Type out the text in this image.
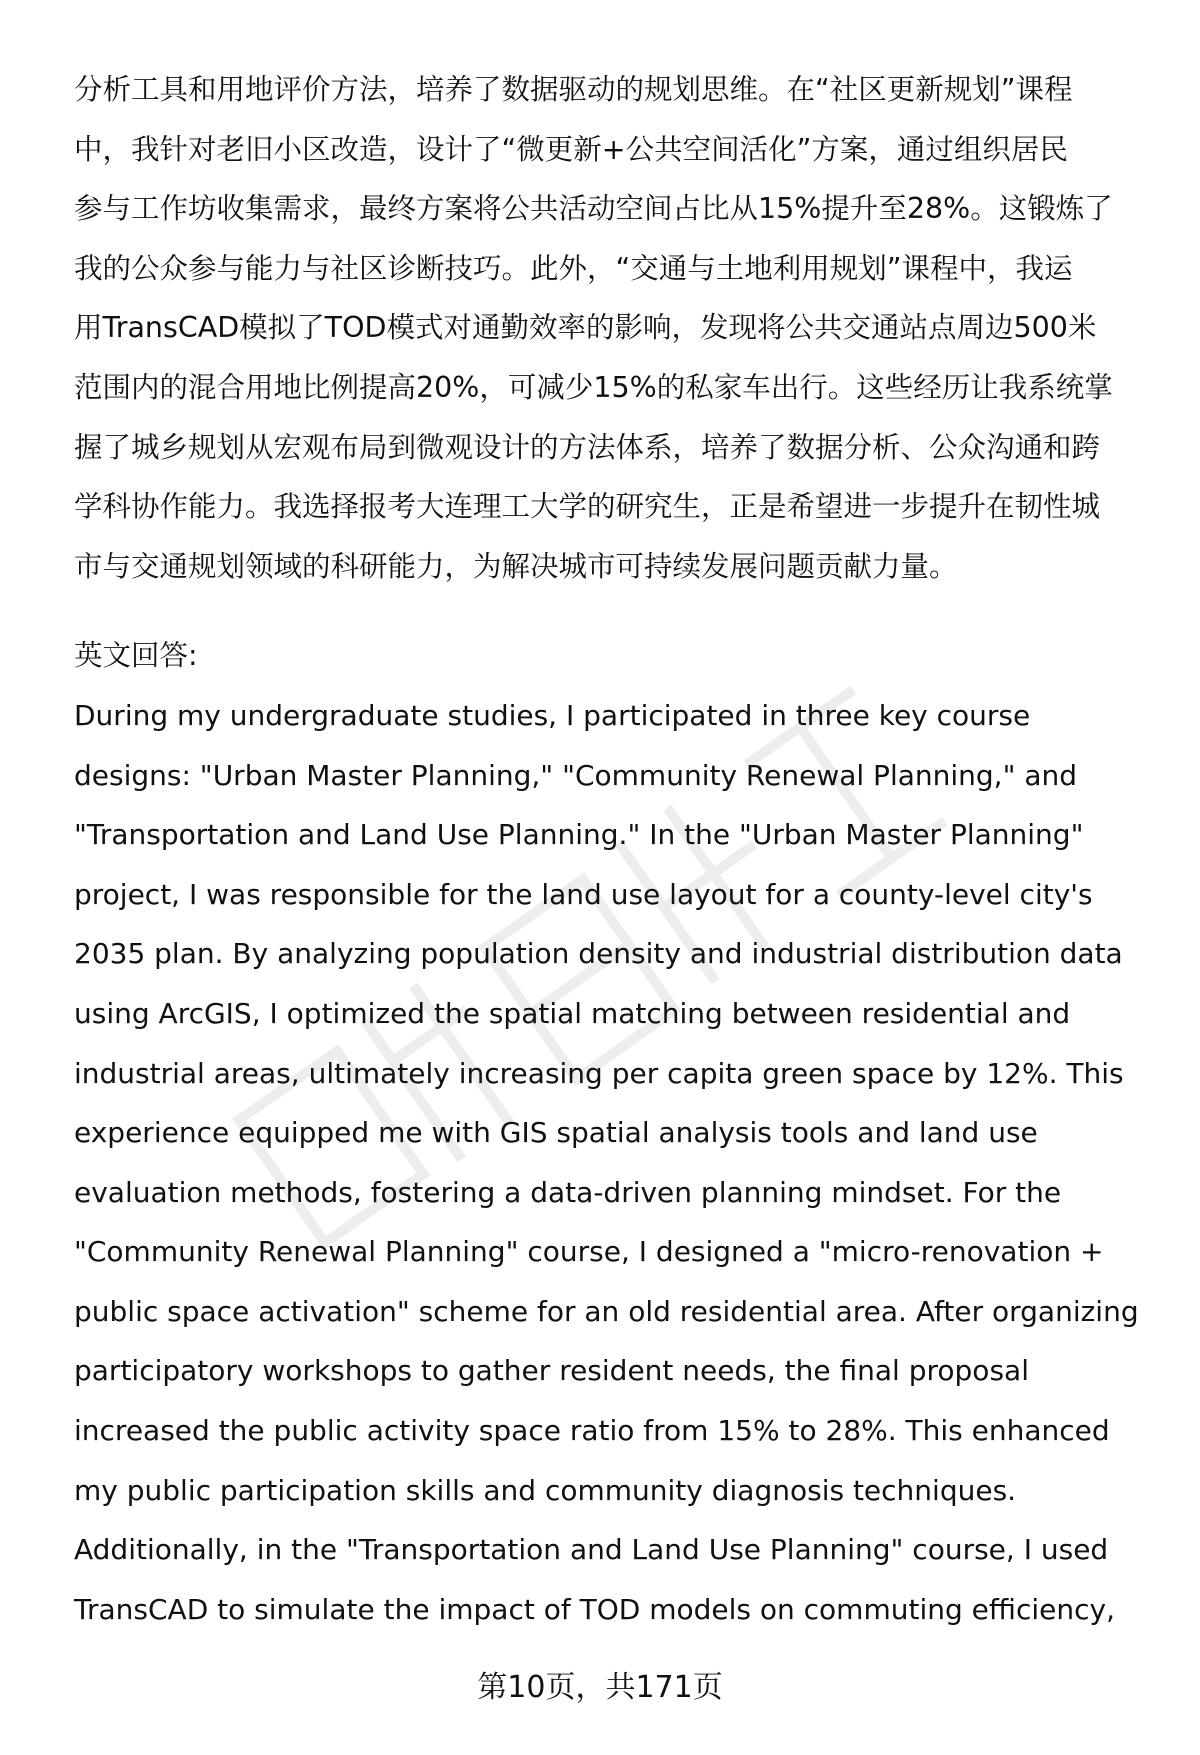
分析工具和用地评价方法，培养了数据驱动的规划思维。在“社区更新规划”课程
中，我针对老旧小区改造，设计了“微更新+公共空间活化”方案，通过组织居民
参与工作坊收集需求，最终方案将公共活动空间占比从15%提升至28%。这锻炼了
我的公众参与能力与社区诊断技巧。此外，“交通与土地利用规划”课程中，我运
用TransCAD模拟了TOD模式对通勤效率的影响，发现将公共交通站点周边500米
范围内的混合用地比例提高20%，可减少15%的私家车出行。这些经历让我系统掌
握了城乡规划从宏观布局到微观设计的方法体系，培养了数据分析、公众沟通和跨
学科协作能力。我选择报考大连理工大学的研究生，正是希望进一步提升在韧性城
市与交通规划领域的科研能力，为解决城市可持续发展问题贡献力量。
英文回答:
During my undergraduate studies, I participated in three key course
designs: "Urban Master Planning," "Community Renewal Planning," and
"Transportation and Land Use Planning." In the "Urban Master Planning"
project, I was responsible for the land use layout for a county-level city's
2035 plan. By analyzing population density and industrial distribution data
using ArcGIS, I optimized the spatial matching between residential and
industrial areas, ultimately increasing per capita green space by 12%. This
experience equipped me with GIS spatial analysis tools and land use
evaluation methods, fostering a data-driven planning mindset. For the
"Community Renewal Planning" course, I designed a "micro-renovation +
public space activation" scheme for an old residential area. After organizing
participatory workshops to gather resident needs, the final proposal
increased the public activity space ratio from 15% to 28%. This enhanced
my public participation skills and community diagnosis techniques.
Additionally, in the "Transportation and Land Use Planning" course, I used
TransCAD to simulate the impact of TOD models on commuting efficiency,
第10页，共171页
